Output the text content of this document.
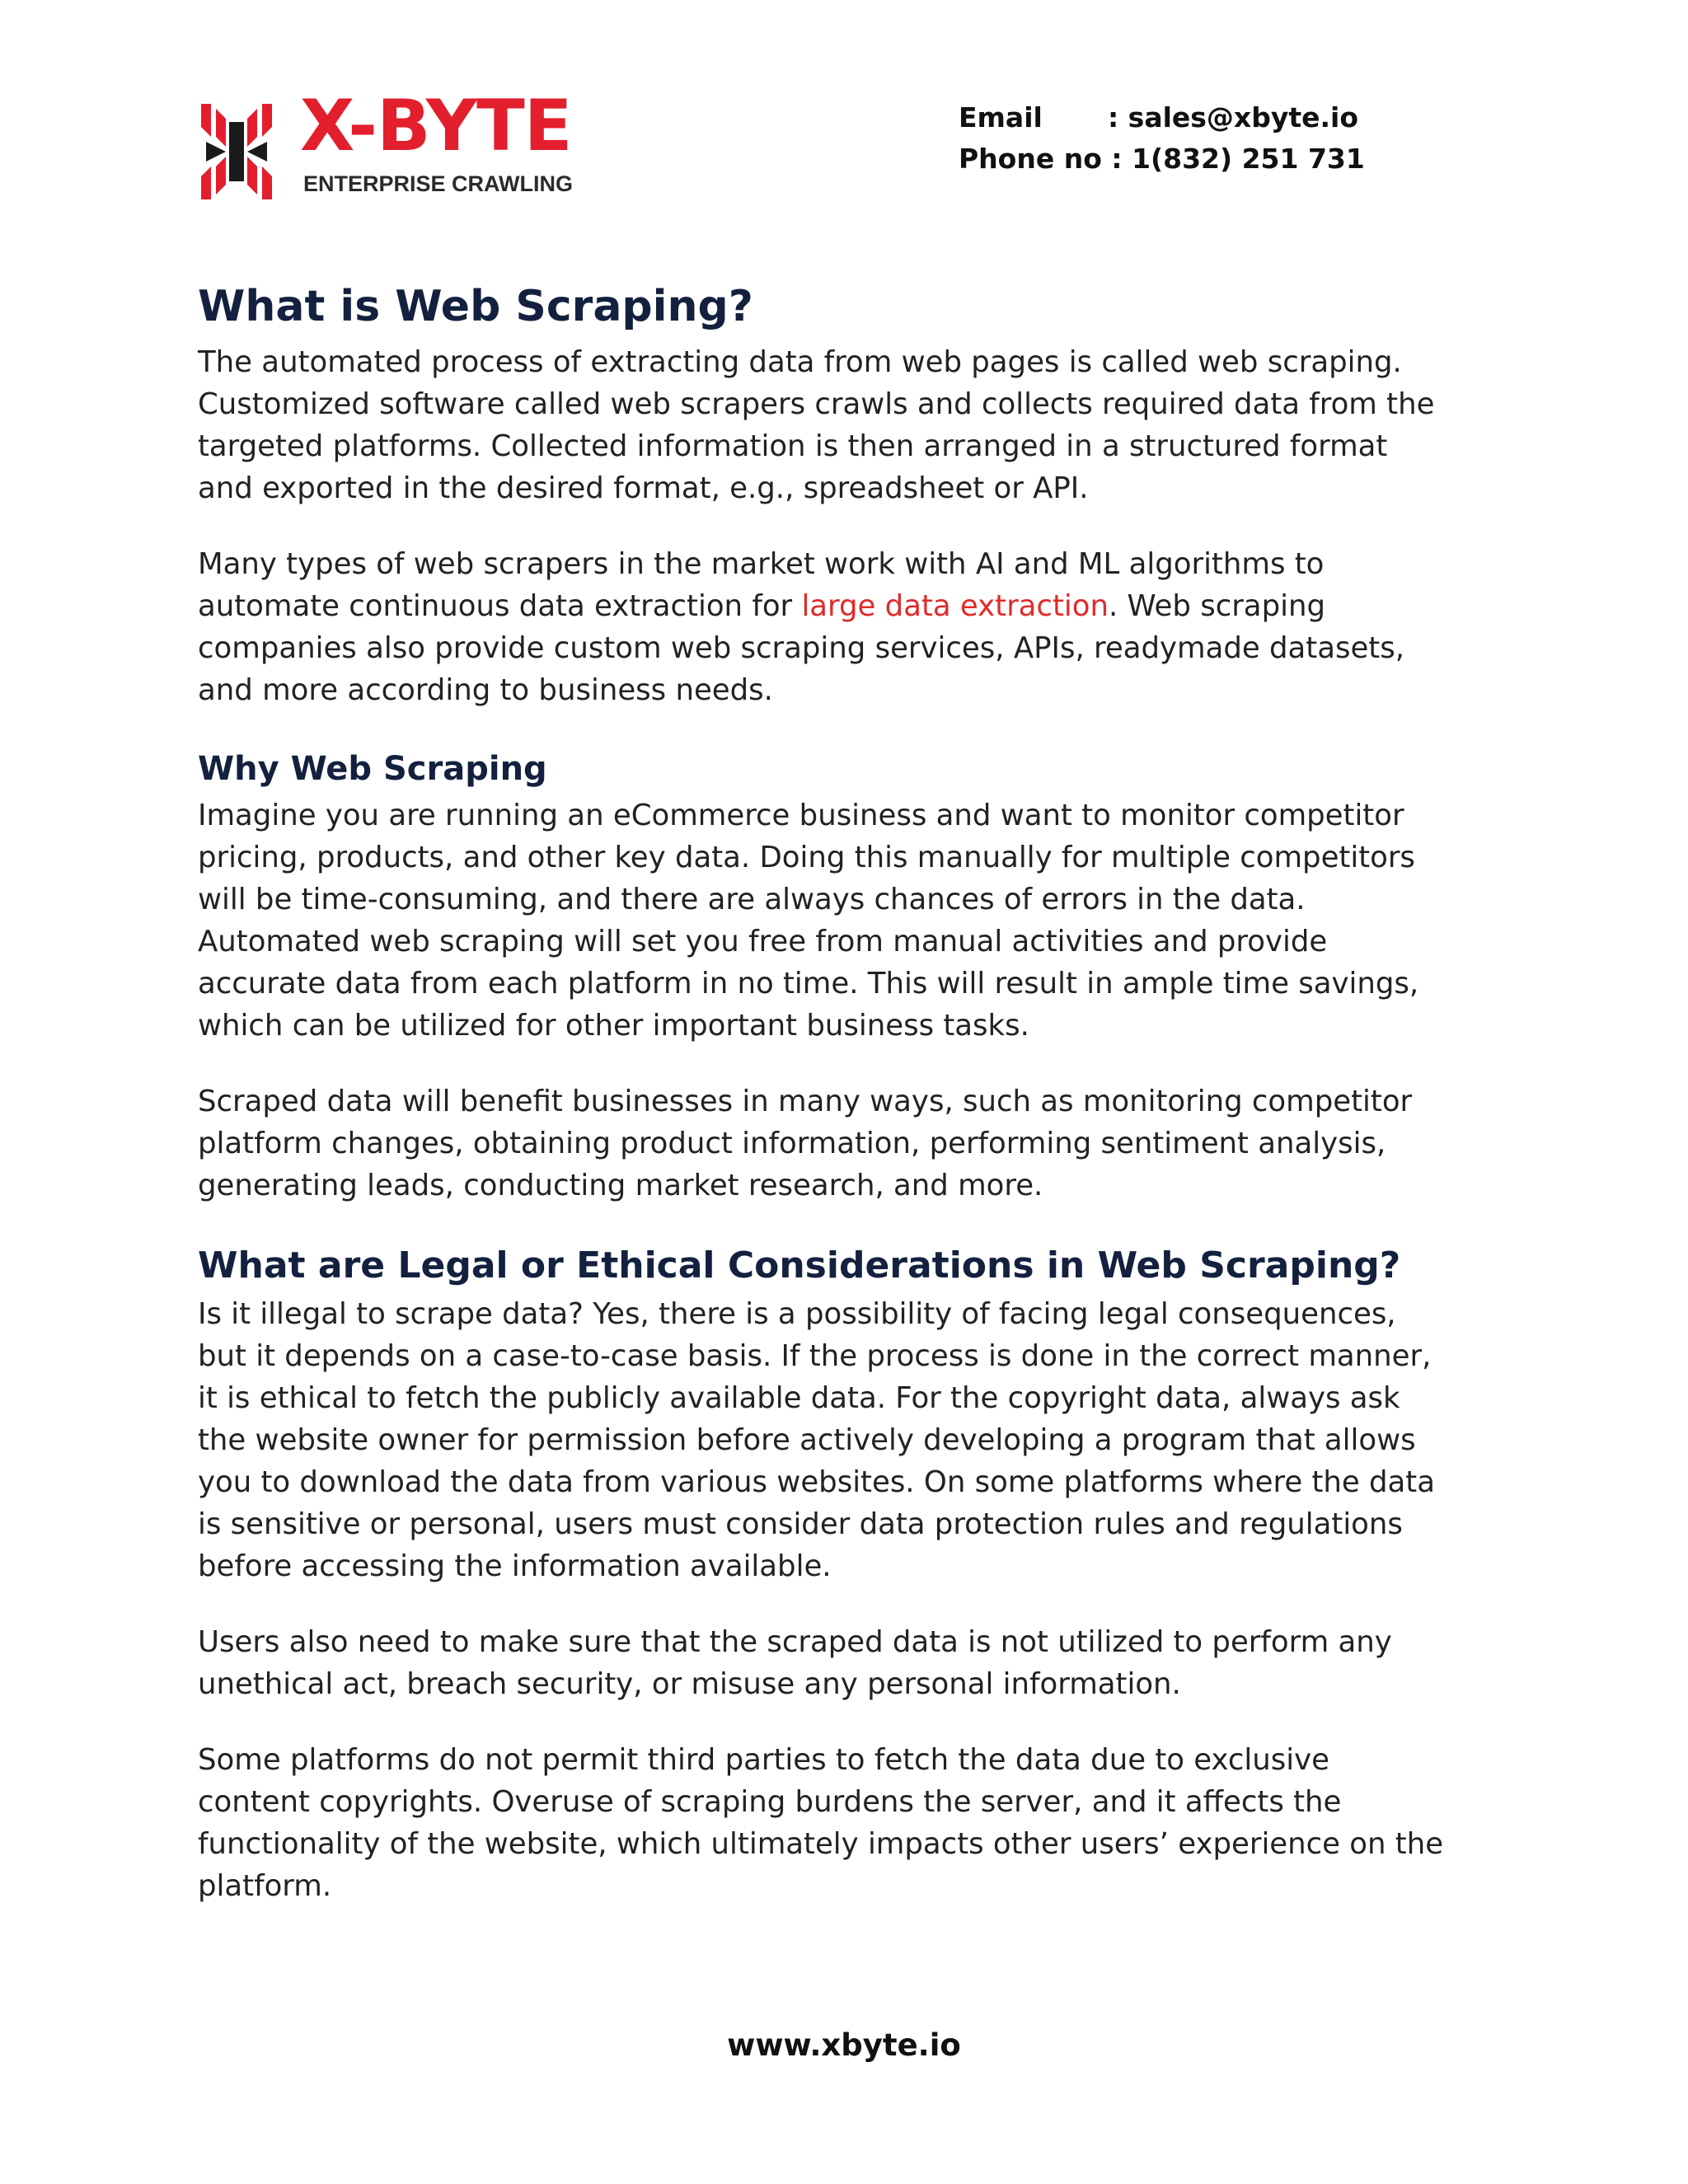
X-BYTE
ENTERPRISE CRAWLING
Email : sales@xbyte.io
Phone no : 1(832) 251 731
What is Web Scraping?

The automated process of extracting data from web pages is called web scraping.
Customized software called web scrapers crawls and collects required data from the
targeted platforms. Collected information is then arranged in a structured format
and exported in the desired format, e.g., spreadsheet or API.

Many types of web scrapers in the market work with AI and ML algorithms to
automate continuous data extraction for large data extraction. Web scraping
companies also provide custom web scraping services, APIs, readymade datasets,
and more according to business needs.

Why Web Scraping

Imagine you are running an eCommerce business and want to monitor competitor
pricing, products, and other key data. Doing this manually for multiple competitors
will be time-consuming, and there are always chances of errors in the data.
Automated web scraping will set you free from manual activities and provide
accurate data from each platform in no time. This will result in ample time savings,
which can be utilized for other important business tasks.

Scraped data will benefit businesses in many ways, such as monitoring competitor
platform changes, obtaining product information, performing sentiment analysis,
generating leads, conducting market research, and more.

What are Legal or Ethical Considerations in Web Scraping?

Is it illegal to scrape data? Yes, there is a possibility of facing legal consequences,
but it depends on a case-to-case basis. If the process is done in the correct manner,
it is ethical to fetch the publicly available data. For the copyright data, always ask
the website owner for permission before actively developing a program that allows
you to download the data from various websites. On some platforms where the data
is sensitive or personal, users must consider data protection rules and regulations
before accessing the information available.

Users also need to make sure that the scraped data is not utilized to perform any
unethical act, breach security, or misuse any personal information.

Some platforms do not permit third parties to fetch the data due to exclusive
content copyrights. Overuse of scraping burdens the server, and it affects the
functionality of the website, which ultimately impacts other users’ experience on the
platform.

www.xbyte.io
